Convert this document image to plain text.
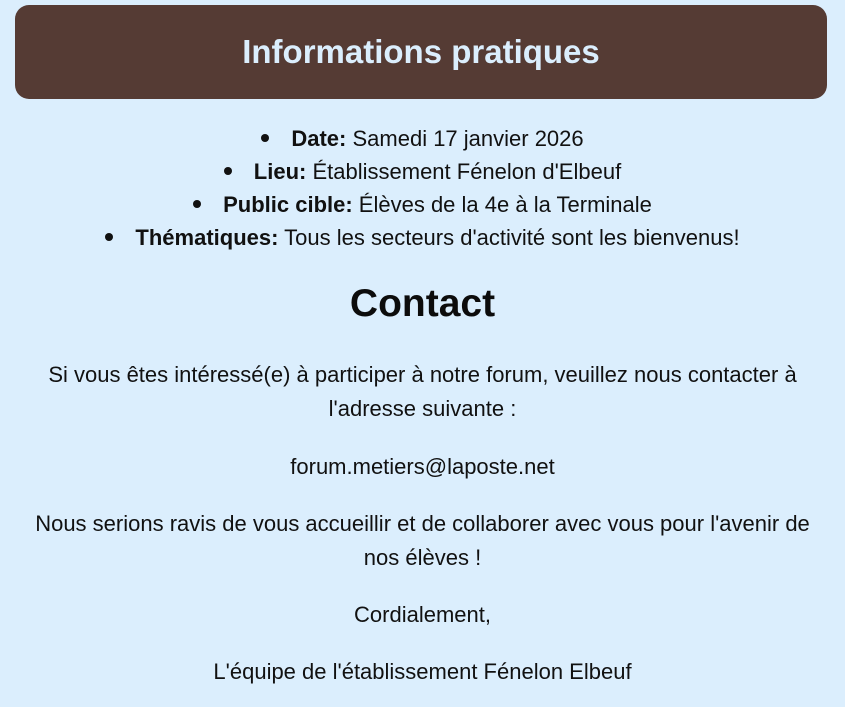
Informations pratiques
Date: Samedi 17 janvier 2026
Lieu: Établissement Fénelon d'Elbeuf
Public cible: Élèves de la 4e à la Terminale
Thématiques: Tous les secteurs d'activité sont les bienvenus!
Contact

Si vous êtes intéressé(e) à participer à notre forum, veuillez nous contacter à l'adresse suivante :

forum.metiers@laposte.net

Nous serions ravis de vous accueillir et de collaborer avec vous pour l'avenir de nos élèves !

Cordialement,

L'équipe de l'établissement Fénelon Elbeuf
